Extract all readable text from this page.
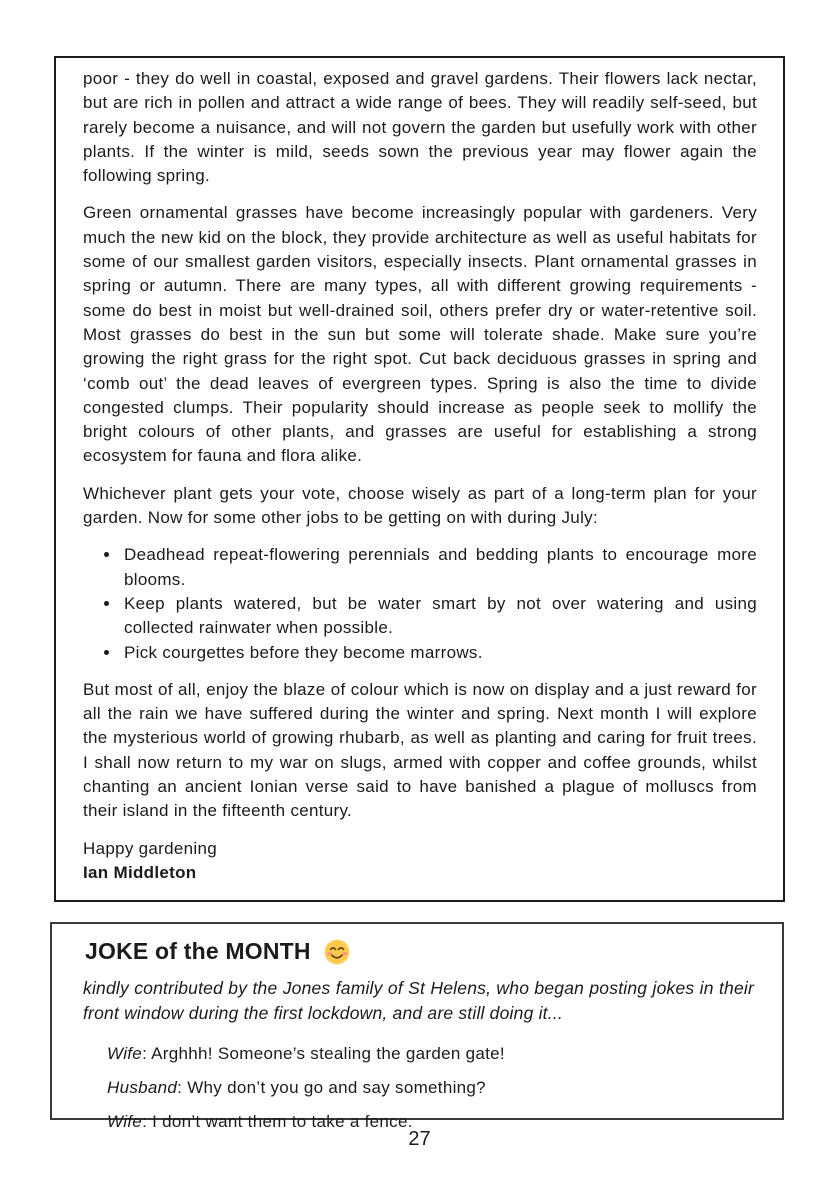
poor - they do well in coastal, exposed and gravel gardens. Their flowers lack nectar, but are rich in pollen and attract a wide range of bees. They will readily self-seed, but rarely become a nuisance, and will not govern the garden but usefully work with other plants. If the winter is mild, seeds sown the previous year may flower again the following spring.

Green ornamental grasses have become increasingly popular with gardeners. Very much the new kid on the block, they provide architecture as well as useful habitats for some of our smallest garden visitors, especially insects. Plant ornamental grasses in spring or autumn. There are many types, all with different growing requirements - some do best in moist but well-drained soil, others prefer dry or water-retentive soil. Most grasses do best in the sun but some will tolerate shade. Make sure you’re growing the right grass for the right spot. Cut back deciduous grasses in spring and ‘comb out’ the dead leaves of evergreen types. Spring is also the time to divide congested clumps. Their popularity should increase as people seek to mollify the bright colours of other plants, and grasses are useful for establishing a strong ecosystem for fauna and flora alike.

Whichever plant gets your vote, choose wisely as part of a long-term plan for your garden. Now for some other jobs to be getting on with during July:

• Deadhead repeat-flowering perennials and bedding plants to encourage more blooms.
• Keep plants watered, but be water smart by not over watering and using collected rainwater when possible.
• Pick courgettes before they become marrows.

But most of all, enjoy the blaze of colour which is now on display and a just reward for all the rain we have suffered during the winter and spring. Next month I will explore the mysterious world of growing rhubarb, as well as planting and caring for fruit trees. I shall now return to my war on slugs, armed with copper and coffee grounds, whilst chanting an ancient Ionian verse said to have banished a plague of molluscs from their island in the fifteenth century.

Happy gardening

Ian Middleton

JOKE of the MONTH

kindly contributed by the Jones family of St Helens, who began posting jokes in their front window during the first lockdown, and are still doing it...

Wife: Arghhh! Someone’s stealing the garden gate!

Husband: Why don’t you go and say something?

Wife: I don’t want them to take a fence.

27
